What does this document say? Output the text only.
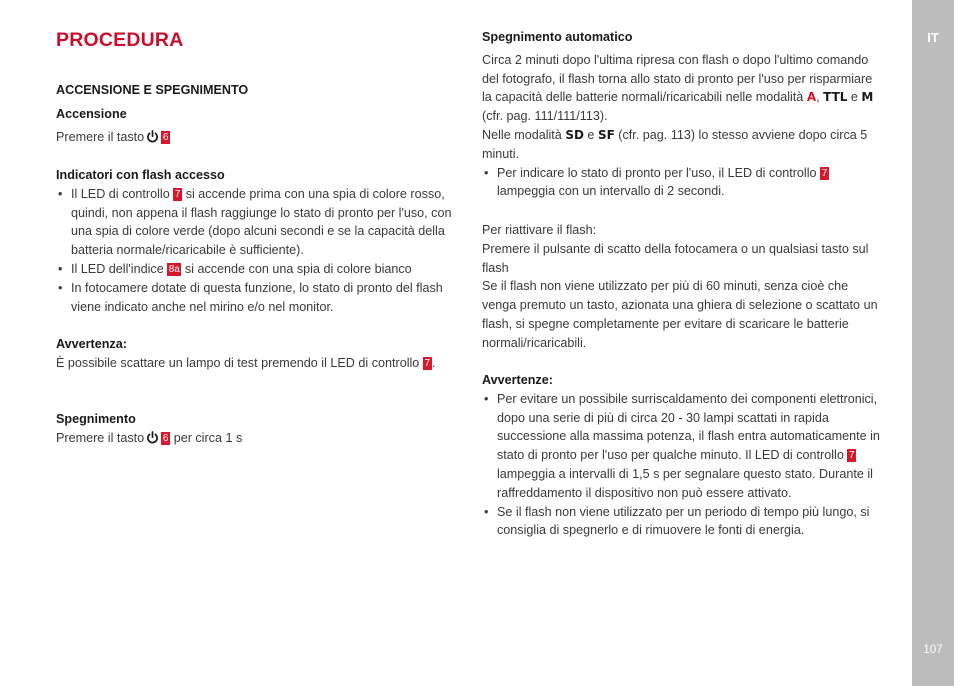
IT
107
PROCEDURA
ACCENSIONE E SPEGNIMENTO

Accensione

Premere il tasto 6

Indicatori con flash accesso

• Il LED di controllo 7 si accende prima con una spia di colore rosso, quindi, non appena il flash raggiunge lo stato di pronto per l'uso, con una spia di colore verde (dopo alcuni secondi e se la capacità della batteria normale/ricaricabile è sufficiente).
• Il LED dell'indice 8a si accende con una spia di colore bianco
• In fotocamere dotate di questa funzione, lo stato di pronto del flash viene indicato anche nel mirino e/o nel monitor.

Avvertenza:

È possibile scattare un lampo di test premendo il LED di controllo 7 .

Spegnimento

Premere il tasto 6 per circa 1 s

Spegnimento automatico

Circa 2 minuti dopo l'ultima ripresa con flash o dopo l'ultimo comando del fotografo, il flash torna allo stato di pronto per l'uso per risparmiare la capacità delle batterie normali/ricaricabili nelle modalità A, TTL e M (cfr. pag. 111/111/113).

Nelle modalità SD e SF (cfr. pag. 113) lo stesso avviene dopo circa 5 minuti.

• Per indicare lo stato di pronto per l'uso, il LED di controllo 7 lampeggia con un intervallo di 2 secondi.

Per riattivare il flash:

Premere il pulsante di scatto della fotocamera o un qualsiasi tasto sul flash

Se il flash non viene utilizzato per più di 60 minuti, senza cioè che venga premuto un tasto, azionata una ghiera di selezione o scattato un flash, si spegne completamente per evitare di scaricare le batterie normali/ricaricabili.

Avvertenze:

• Per evitare un possibile surriscaldamento dei componenti elettronici, dopo una serie di più di circa 20 - 30 lampi scattati in rapida successione alla massima potenza, il flash entra automaticamente in stato di pronto per l'uso per qualche minuto. Il LED di controllo 7 lampeggia a intervalli di 1,5 s per segnalare questo stato. Durante il raffreddamento il dispositivo non può essere attivato.
• Se il flash non viene utilizzato per un periodo di tempo più lungo, si consiglia di spegnerlo e di rimuovere le fonti di energia.
